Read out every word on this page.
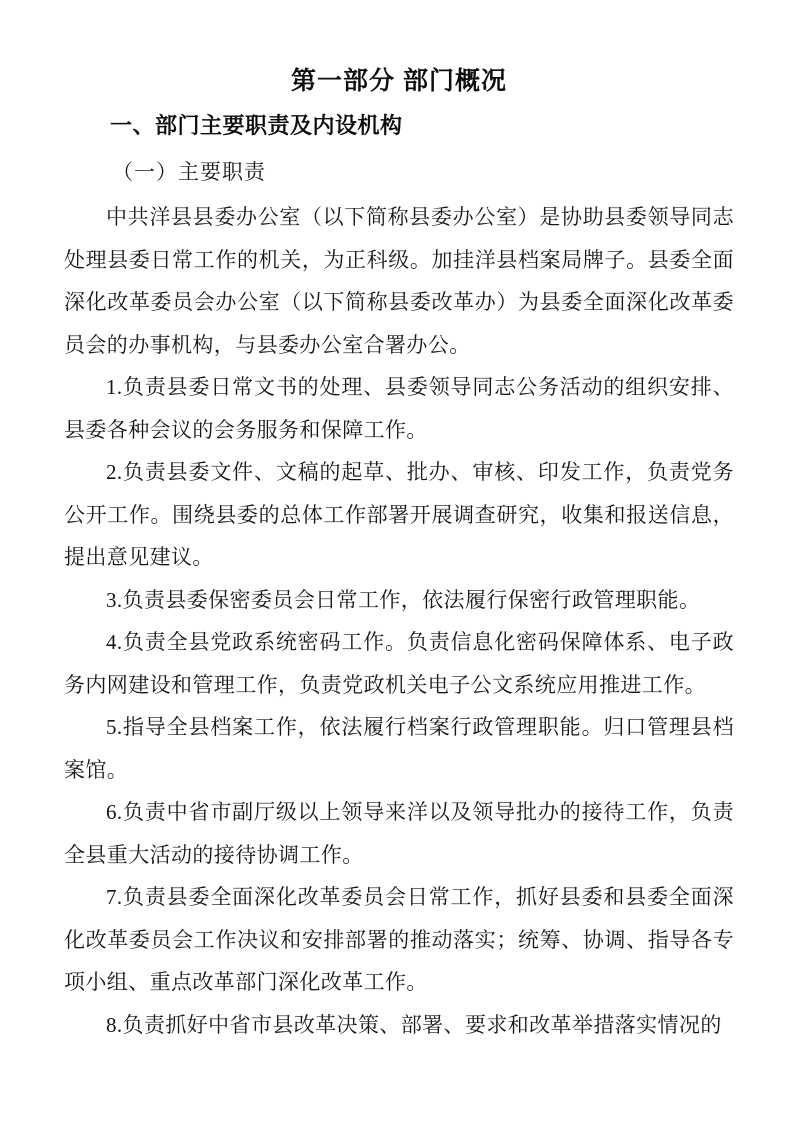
第一部分 部门概况
一、部门主要职责及内设机构
（一）主要职责

中共洋县县委办公室（以下简称县委办公室）是协助县委领导同志处理县委日常工作的机关，为正科级。加挂洋县档案局牌子。县委全面深化改革委员会办公室（以下简称县委改革办）为县委全面深化改革委员会的办事机构，与县委办公室合署办公。

1.负责县委日常文书的处理、县委领导同志公务活动的组织安排、县委各种会议的会务服务和保障工作。

2.负责县委文件、文稿的起草、批办、审核、印发工作，负责党务公开工作。围绕县委的总体工作部署开展调查研究，收集和报送信息，提出意见建议。

3.负责县委保密委员会日常工作，依法履行保密行政管理职能。

4.负责全县党政系统密码工作。负责信息化密码保障体系、电子政务内网建设和管理工作，负责党政机关电子公文系统应用推进工作。

5.指导全县档案工作，依法履行档案行政管理职能。归口管理县档案馆。

6.负责中省市副厅级以上领导来洋以及领导批办的接待工作，负责全县重大活动的接待协调工作。

7.负责县委全面深化改革委员会日常工作，抓好县委和县委全面深化改革委员会工作决议和安排部署的推动落实；统筹、协调、指导各专项小组、重点改革部门深化改革工作。

8.负责抓好中省市县改革决策、部署、要求和改革举措落实情况的
